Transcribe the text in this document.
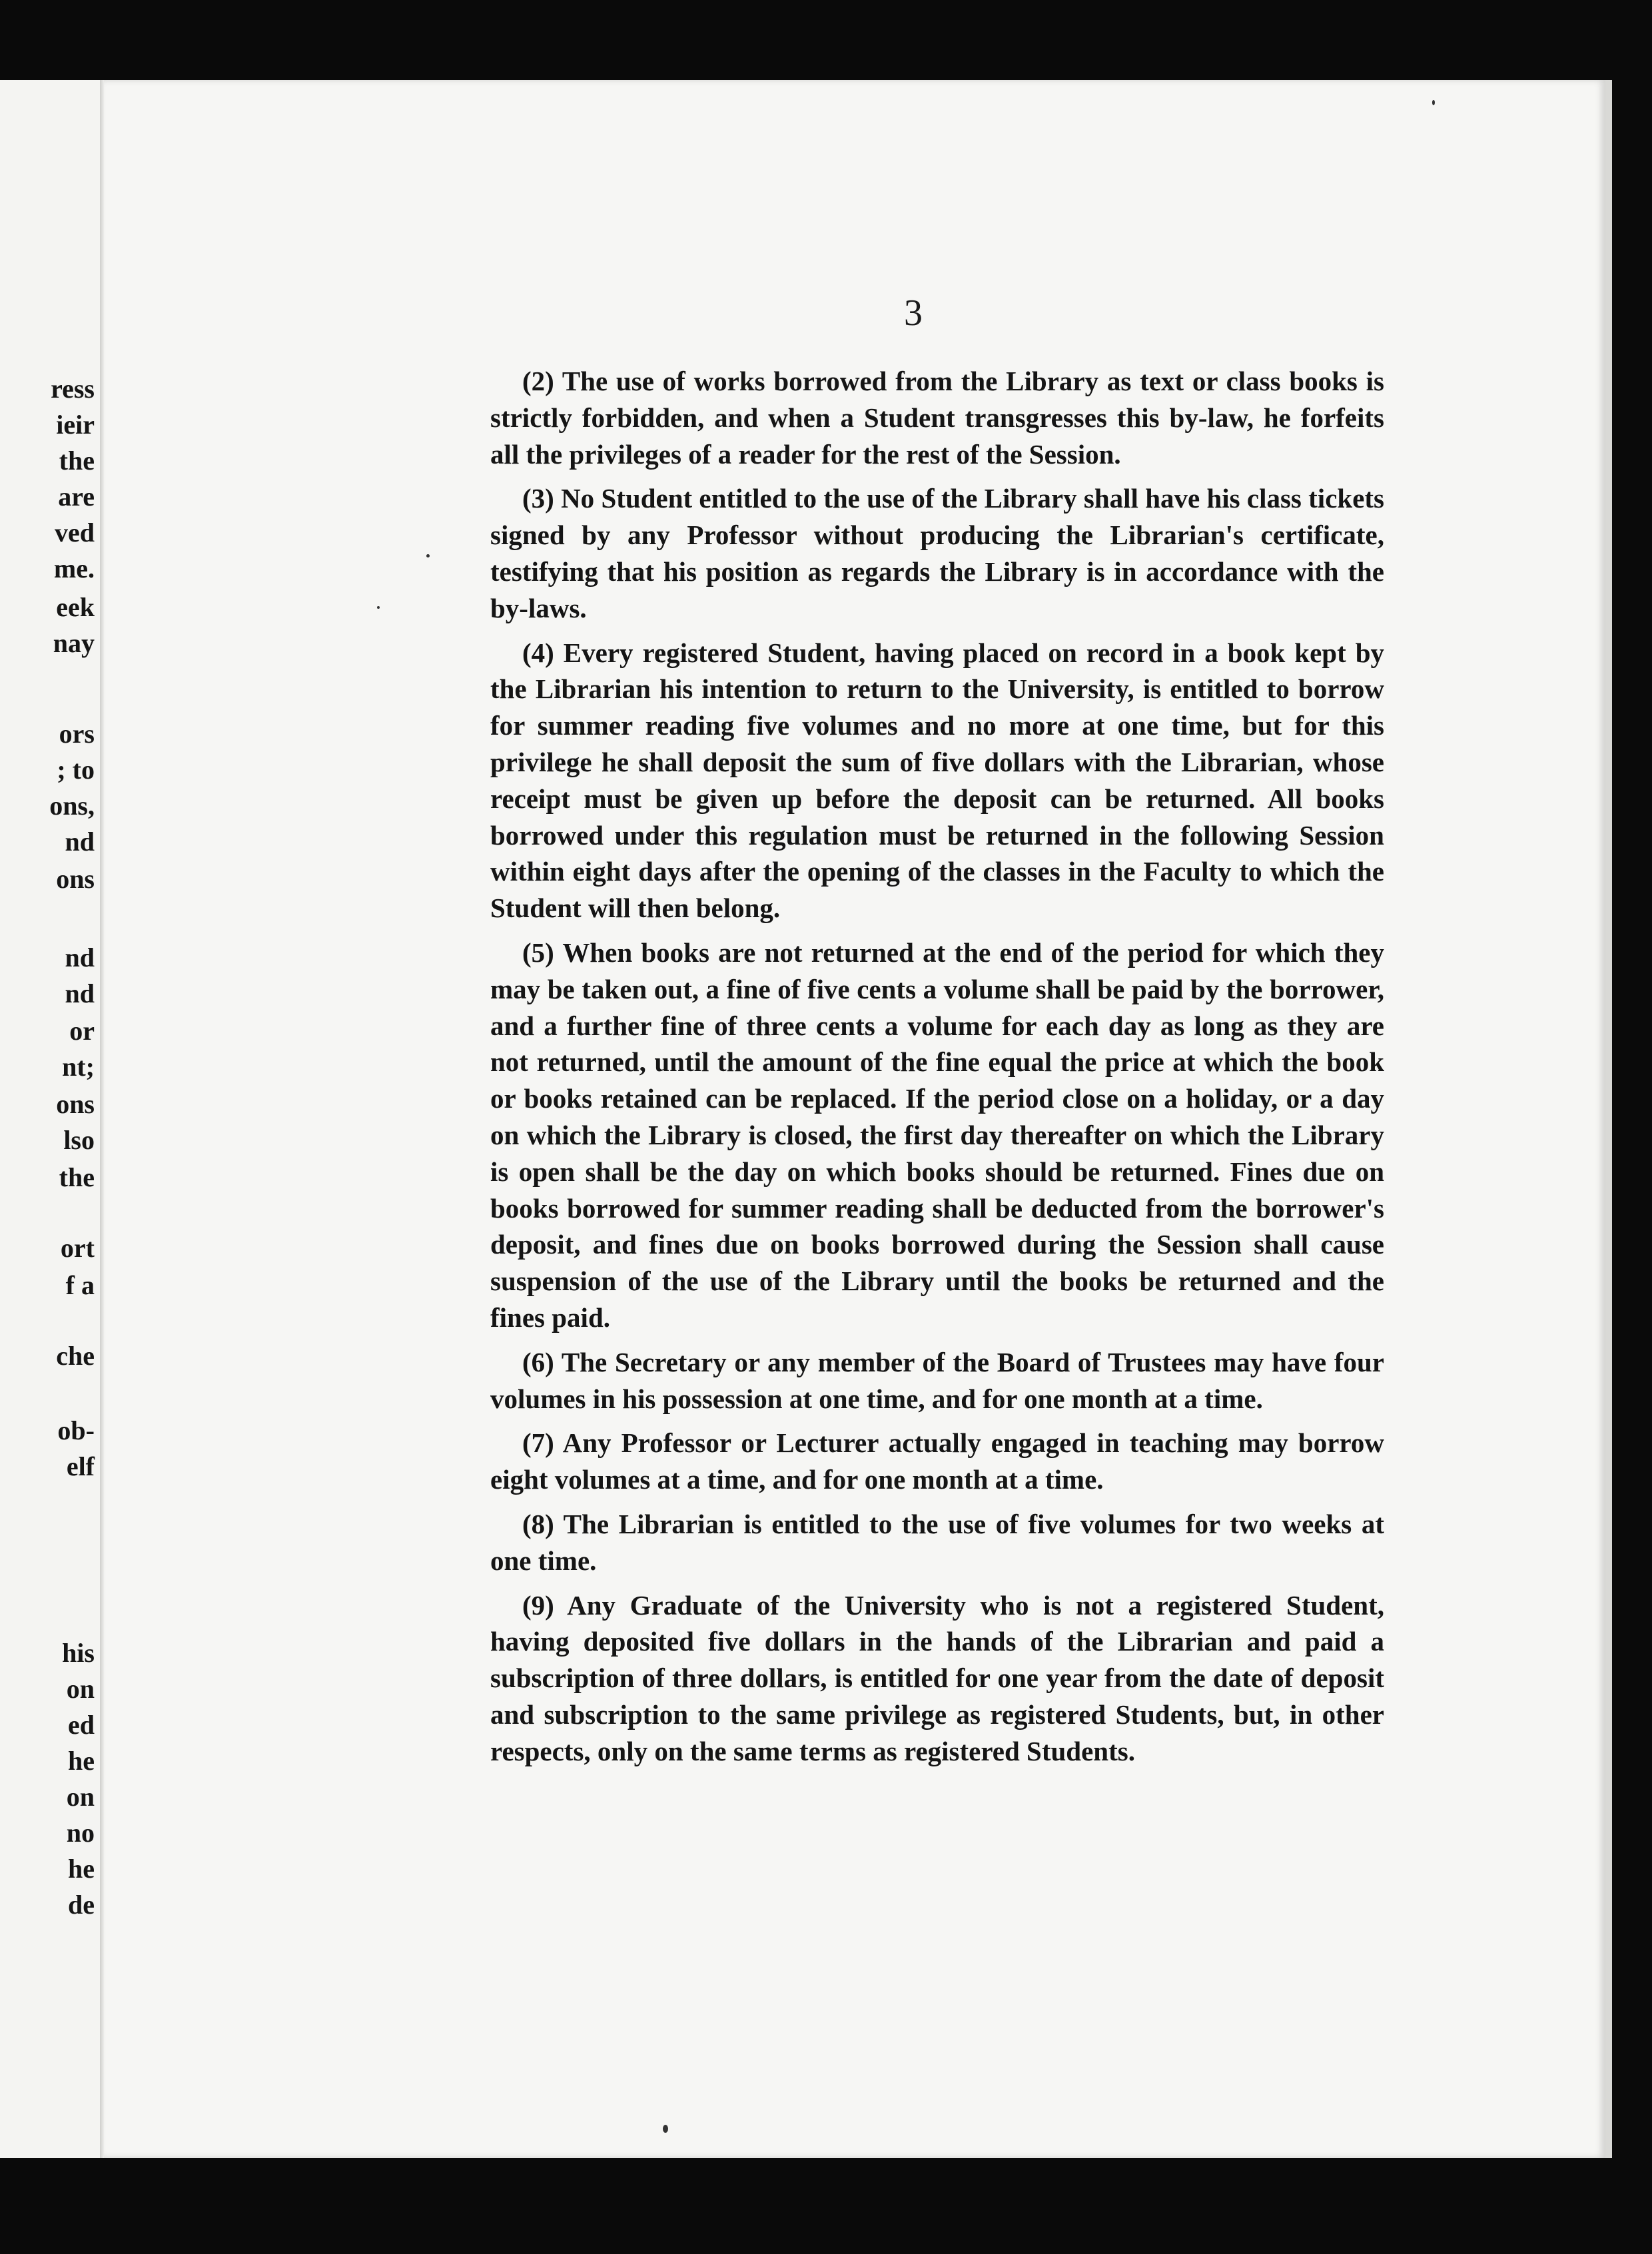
ress
ieir
the
are
ved
me.
eek
nay
ors
; to
ons,
nd
ons
nd
nd
or
nt;
ons
lso
the
ort
f a
che
ob-
elf
his
on
ed
he
on
no
he
de
3

(2) The use of works borrowed from the Library as text or class books is strictly forbidden, and when a Student transgresses this by-law, he forfeits all the privileges of a reader for the rest of the Session.

(3) No Student entitled to the use of the Library shall have his class tickets signed by any Professor without producing the Librarian's certificate, testifying that his position as regards the Library is in accordance with the by-laws.

(4) Every registered Student, having placed on record in a book kept by the Librarian his intention to return to the University, is entitled to borrow for summer reading five volumes and no more at one time, but for this privilege he shall deposit the sum of five dollars with the Librarian, whose receipt must be given up before the deposit can be returned. All books borrowed under this regulation must be returned in the following Session within eight days after the opening of the classes in the Faculty to which the Student will then belong.

(5) When books are not returned at the end of the period for which they may be taken out, a fine of five cents a volume shall be paid by the borrower, and a further fine of three cents a volume for each day as long as they are not returned, until the amount of the fine equal the price at which the book or books retained can be replaced. If the period close on a holiday, or a day on which the Library is closed, the first day thereafter on which the Library is open shall be the day on which books should be returned. Fines due on books borrowed for summer reading shall be deducted from the borrower's deposit, and fines due on books borrowed during the Session shall cause suspension of the use of the Library until the books be returned and the fines paid.

(6) The Secretary or any member of the Board of Trustees may have four volumes in his possession at one time, and for one month at a time.

(7) Any Professor or Lecturer actually engaged in teaching may borrow eight volumes at a time, and for one month at a time.

(8) The Librarian is entitled to the use of five volumes for two weeks at one time.

(9) Any Graduate of the University who is not a registered Student, having deposited five dollars in the hands of the Librarian and paid a subscription of three dollars, is entitled for one year from the date of deposit and subscription to the same privilege as registered Students, but, in other respects, only on the same terms as registered Students.
